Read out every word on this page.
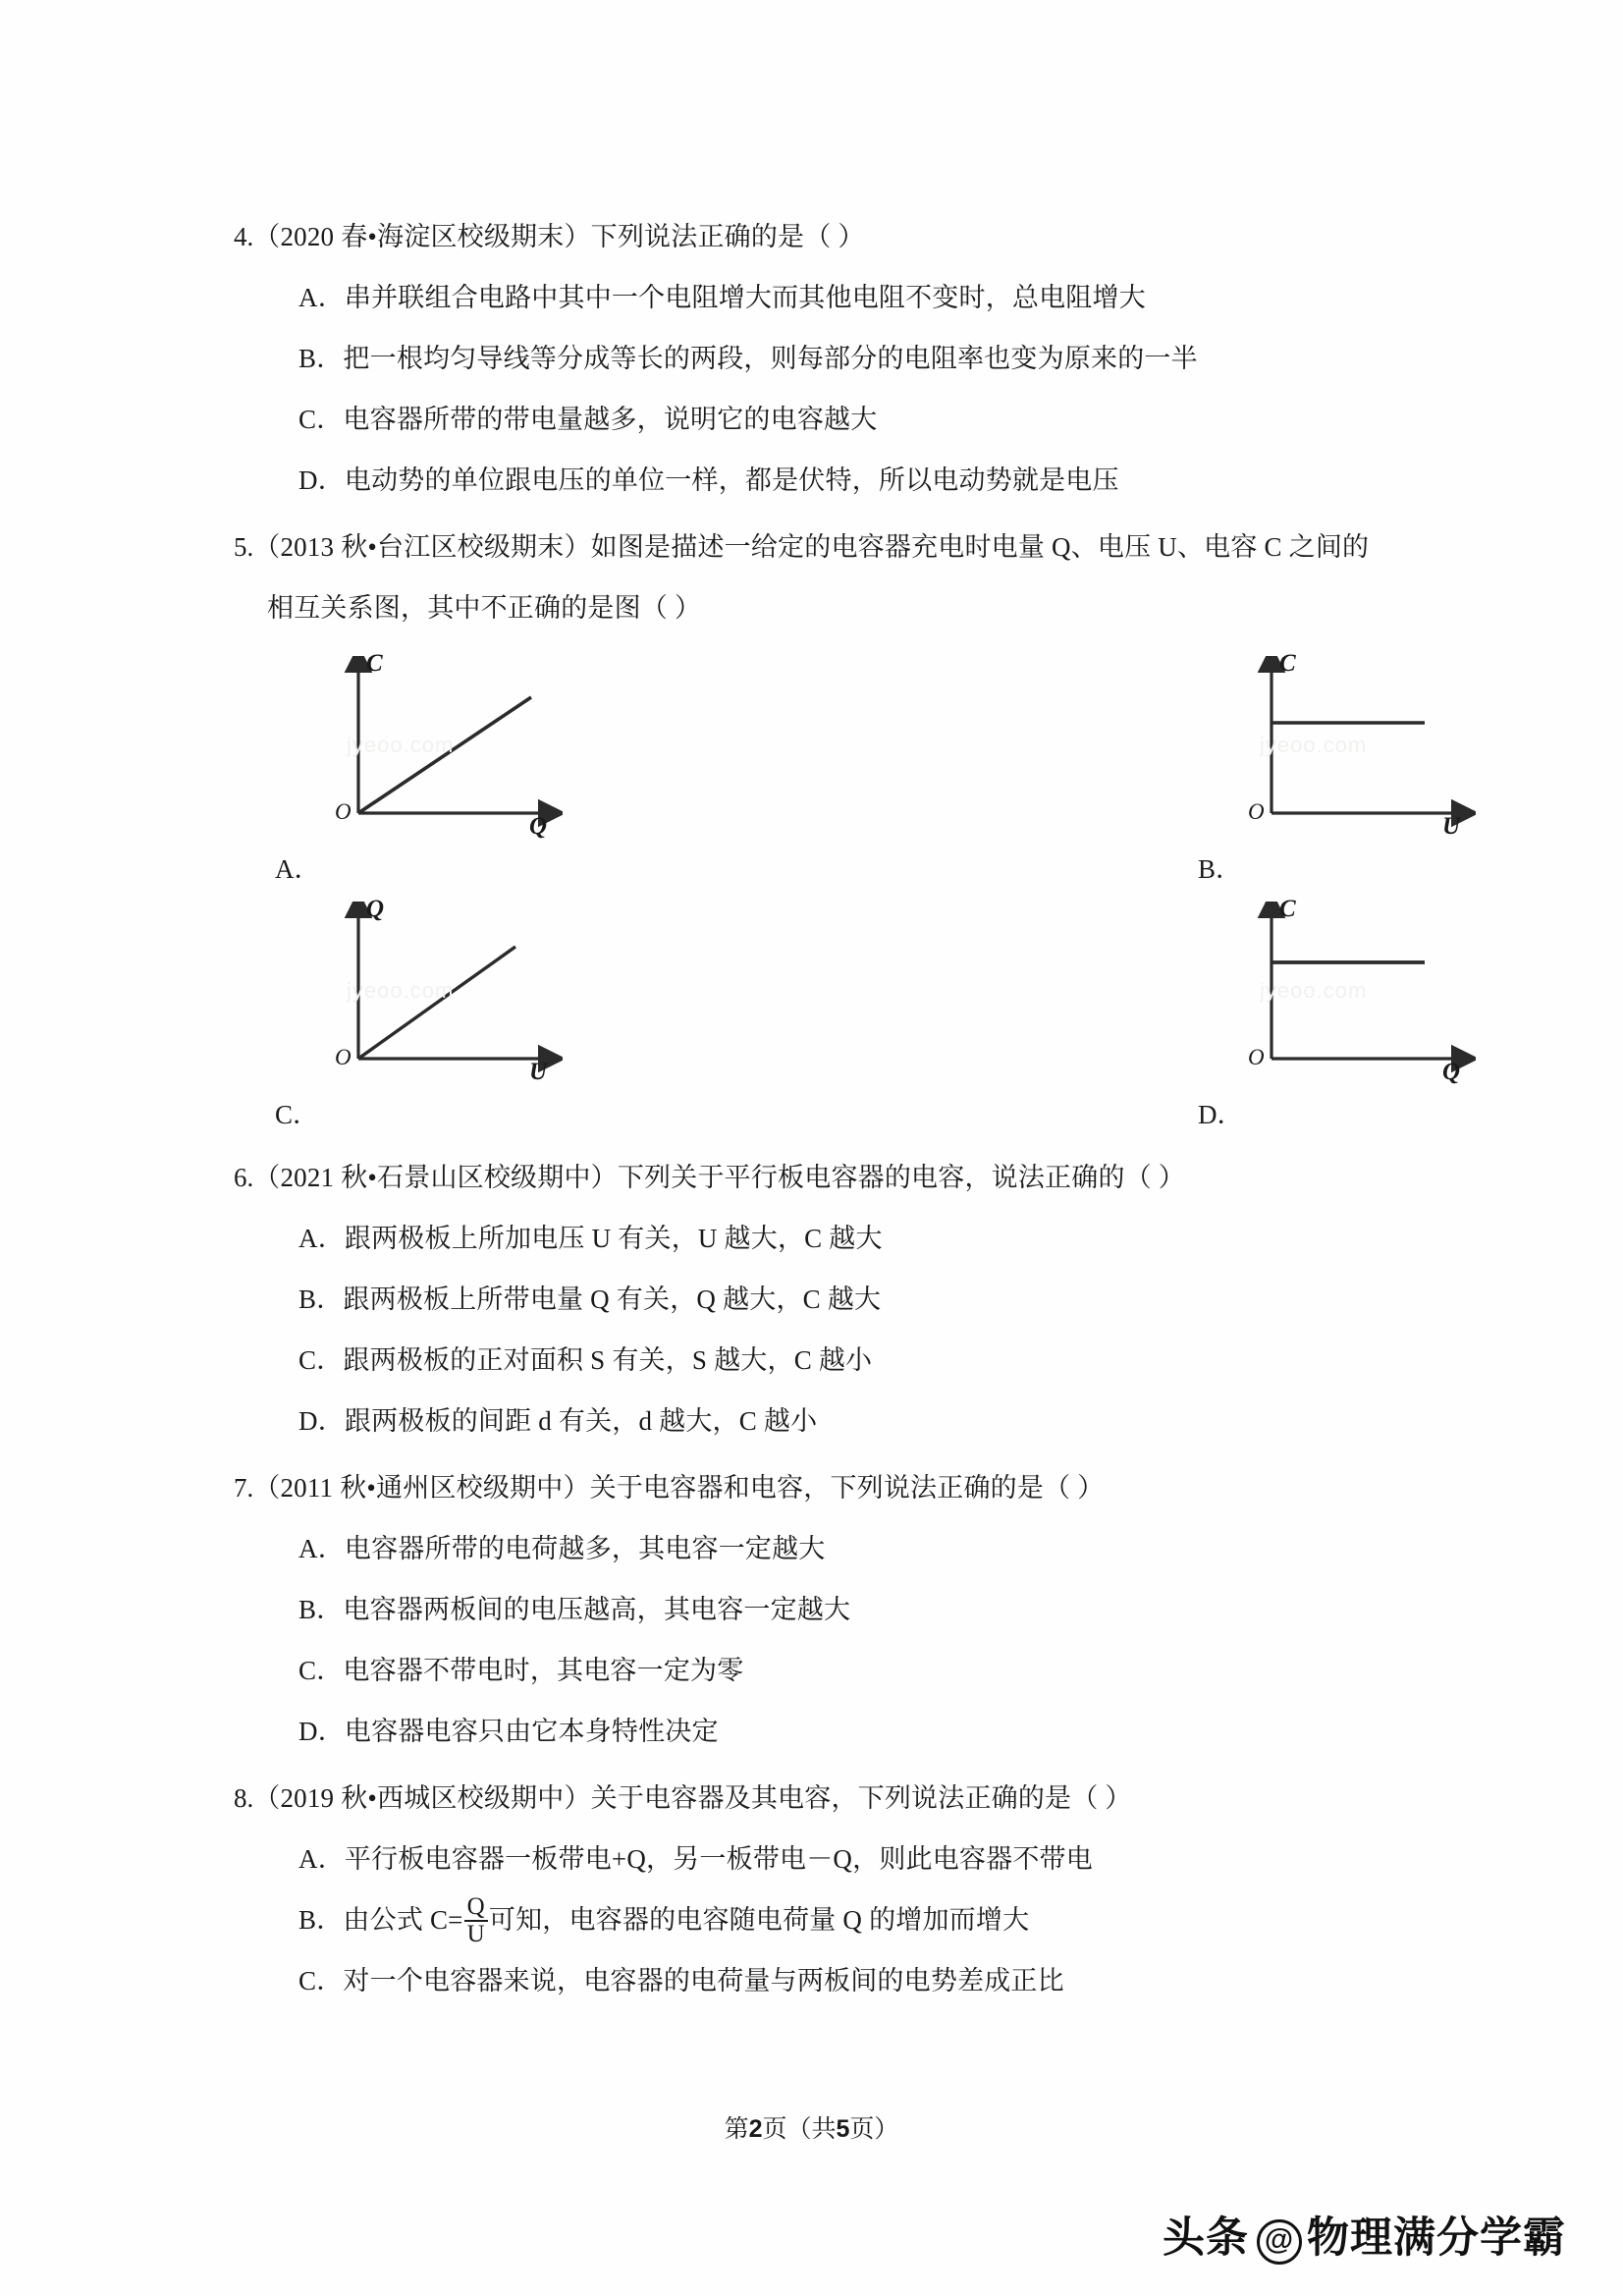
4.（2020 春•海淀区校级期末）下列说法正确的是（ ）
A．串并联组合电路中其中一个电阻增大而其他电阻不变时，总电阻增大
B．把一根均匀导线等分成等长的两段，则每部分的电阻率也变为原来的一半
C．电容器所带的带电量越多，说明它的电容越大
D．电动势的单位跟电压的单位一样，都是伏特，所以电动势就是电压
5.（2013 秋•台江区校级期末）如图是描述一给定的电容器充电时电量 Q、电压 U、电容 C 之间的相互关系图，其中不正确的是图（ ）
A．
jyeoo.com
C
Q
O
B．
jyeoo.com
C
U
O
C．
jyeoo.com
Q
U
O
D．
jyeoo.com
C
Q
O
6.（2021 秋•石景山区校级期中）下列关于平行板电容器的电容，说法正确的（ ）
A．跟两极板上所加电压 U 有关，U 越大，C 越大
B．跟两极板上所带电量 Q 有关，Q 越大，C 越大
C．跟两极板的正对面积 S 有关，S 越大，C 越小
D．跟两极板的间距 d 有关，d 越大，C 越小
7.（2011 秋•通州区校级期中）关于电容器和电容，下列说法正确的是（ ）
A．电容器所带的电荷越多，其电容一定越大
B．电容器两板间的电压越高，其电容一定越大
C．电容器不带电时，其电容一定为零
D．电容器电容只由它本身特性决定
8.（2019 秋•西城区校级期中）关于电容器及其电容，下列说法正确的是（ ）
A．平行板电容器一板带电+Q，另一板带电－Q，则此电容器不带电
B．由公式 $C= \frac{Q}{U}$ 可知，电容器的电容随电荷量 Q 的增加而增大
C．对一个电容器来说，电容器的电荷量与两板间的电势差成正比
第2页（共5页）
头条 @ 物理满分学霸
